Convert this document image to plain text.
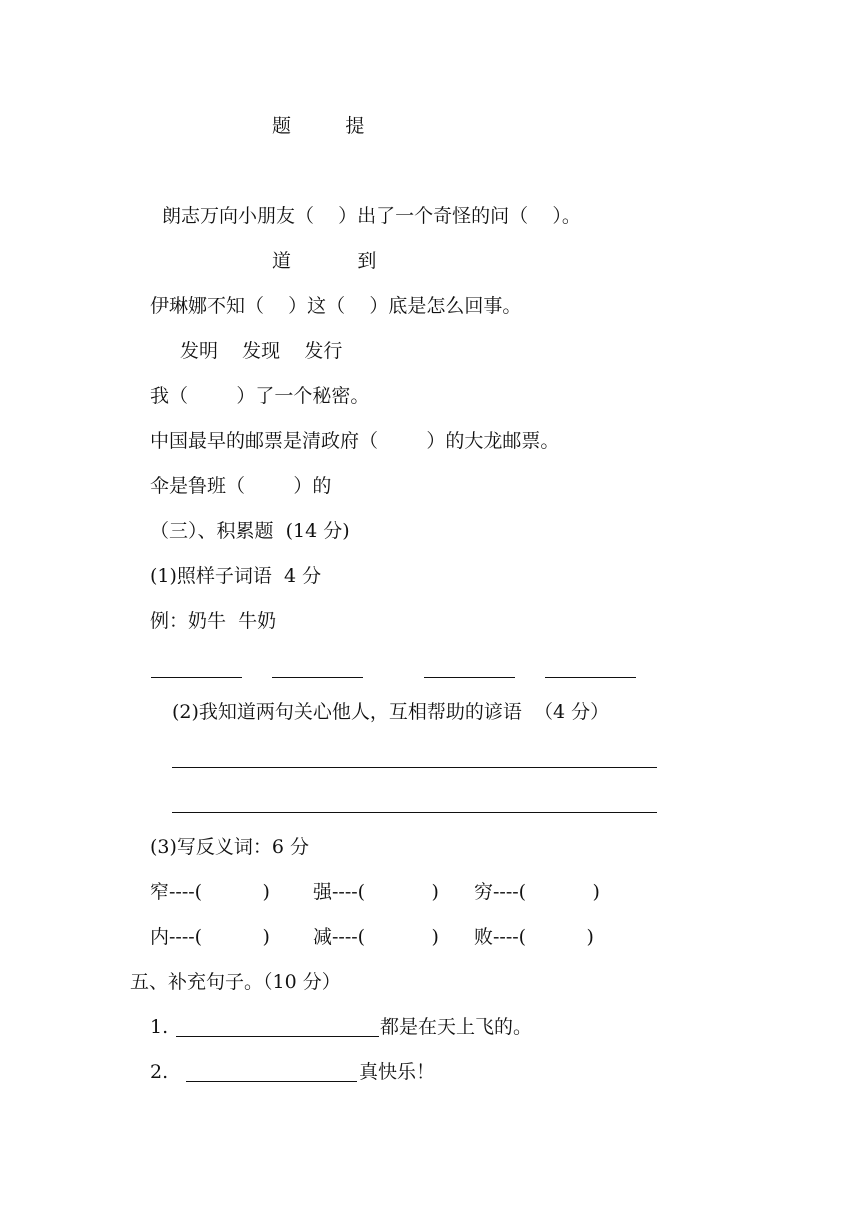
题         提
朗志万向小朋友（    ）出了一个奇怪的问（    ）。
道           到
伊琳娜不知（    ）这（    ）底是怎么回事。
发明    发现    发行
我（        ）了一个秘密。
中国最早的邮票是清政府（        ）的大龙邮票。
伞是鲁班（        ）的
（三）、积累题  (14 分)
(1)照样子词语  4 分
例：奶牛  牛奶
(2)我知道两句关心他人，互相帮助的谚语  （4 分）
(3)写反义词：6 分
窄----(          ) 强----(           ) 穷----(           )
内----(          ) 减----(           ) 败----(          )
五、补充句子。（10 分）
1.	都是在天上飞的。
2.	真快乐！
